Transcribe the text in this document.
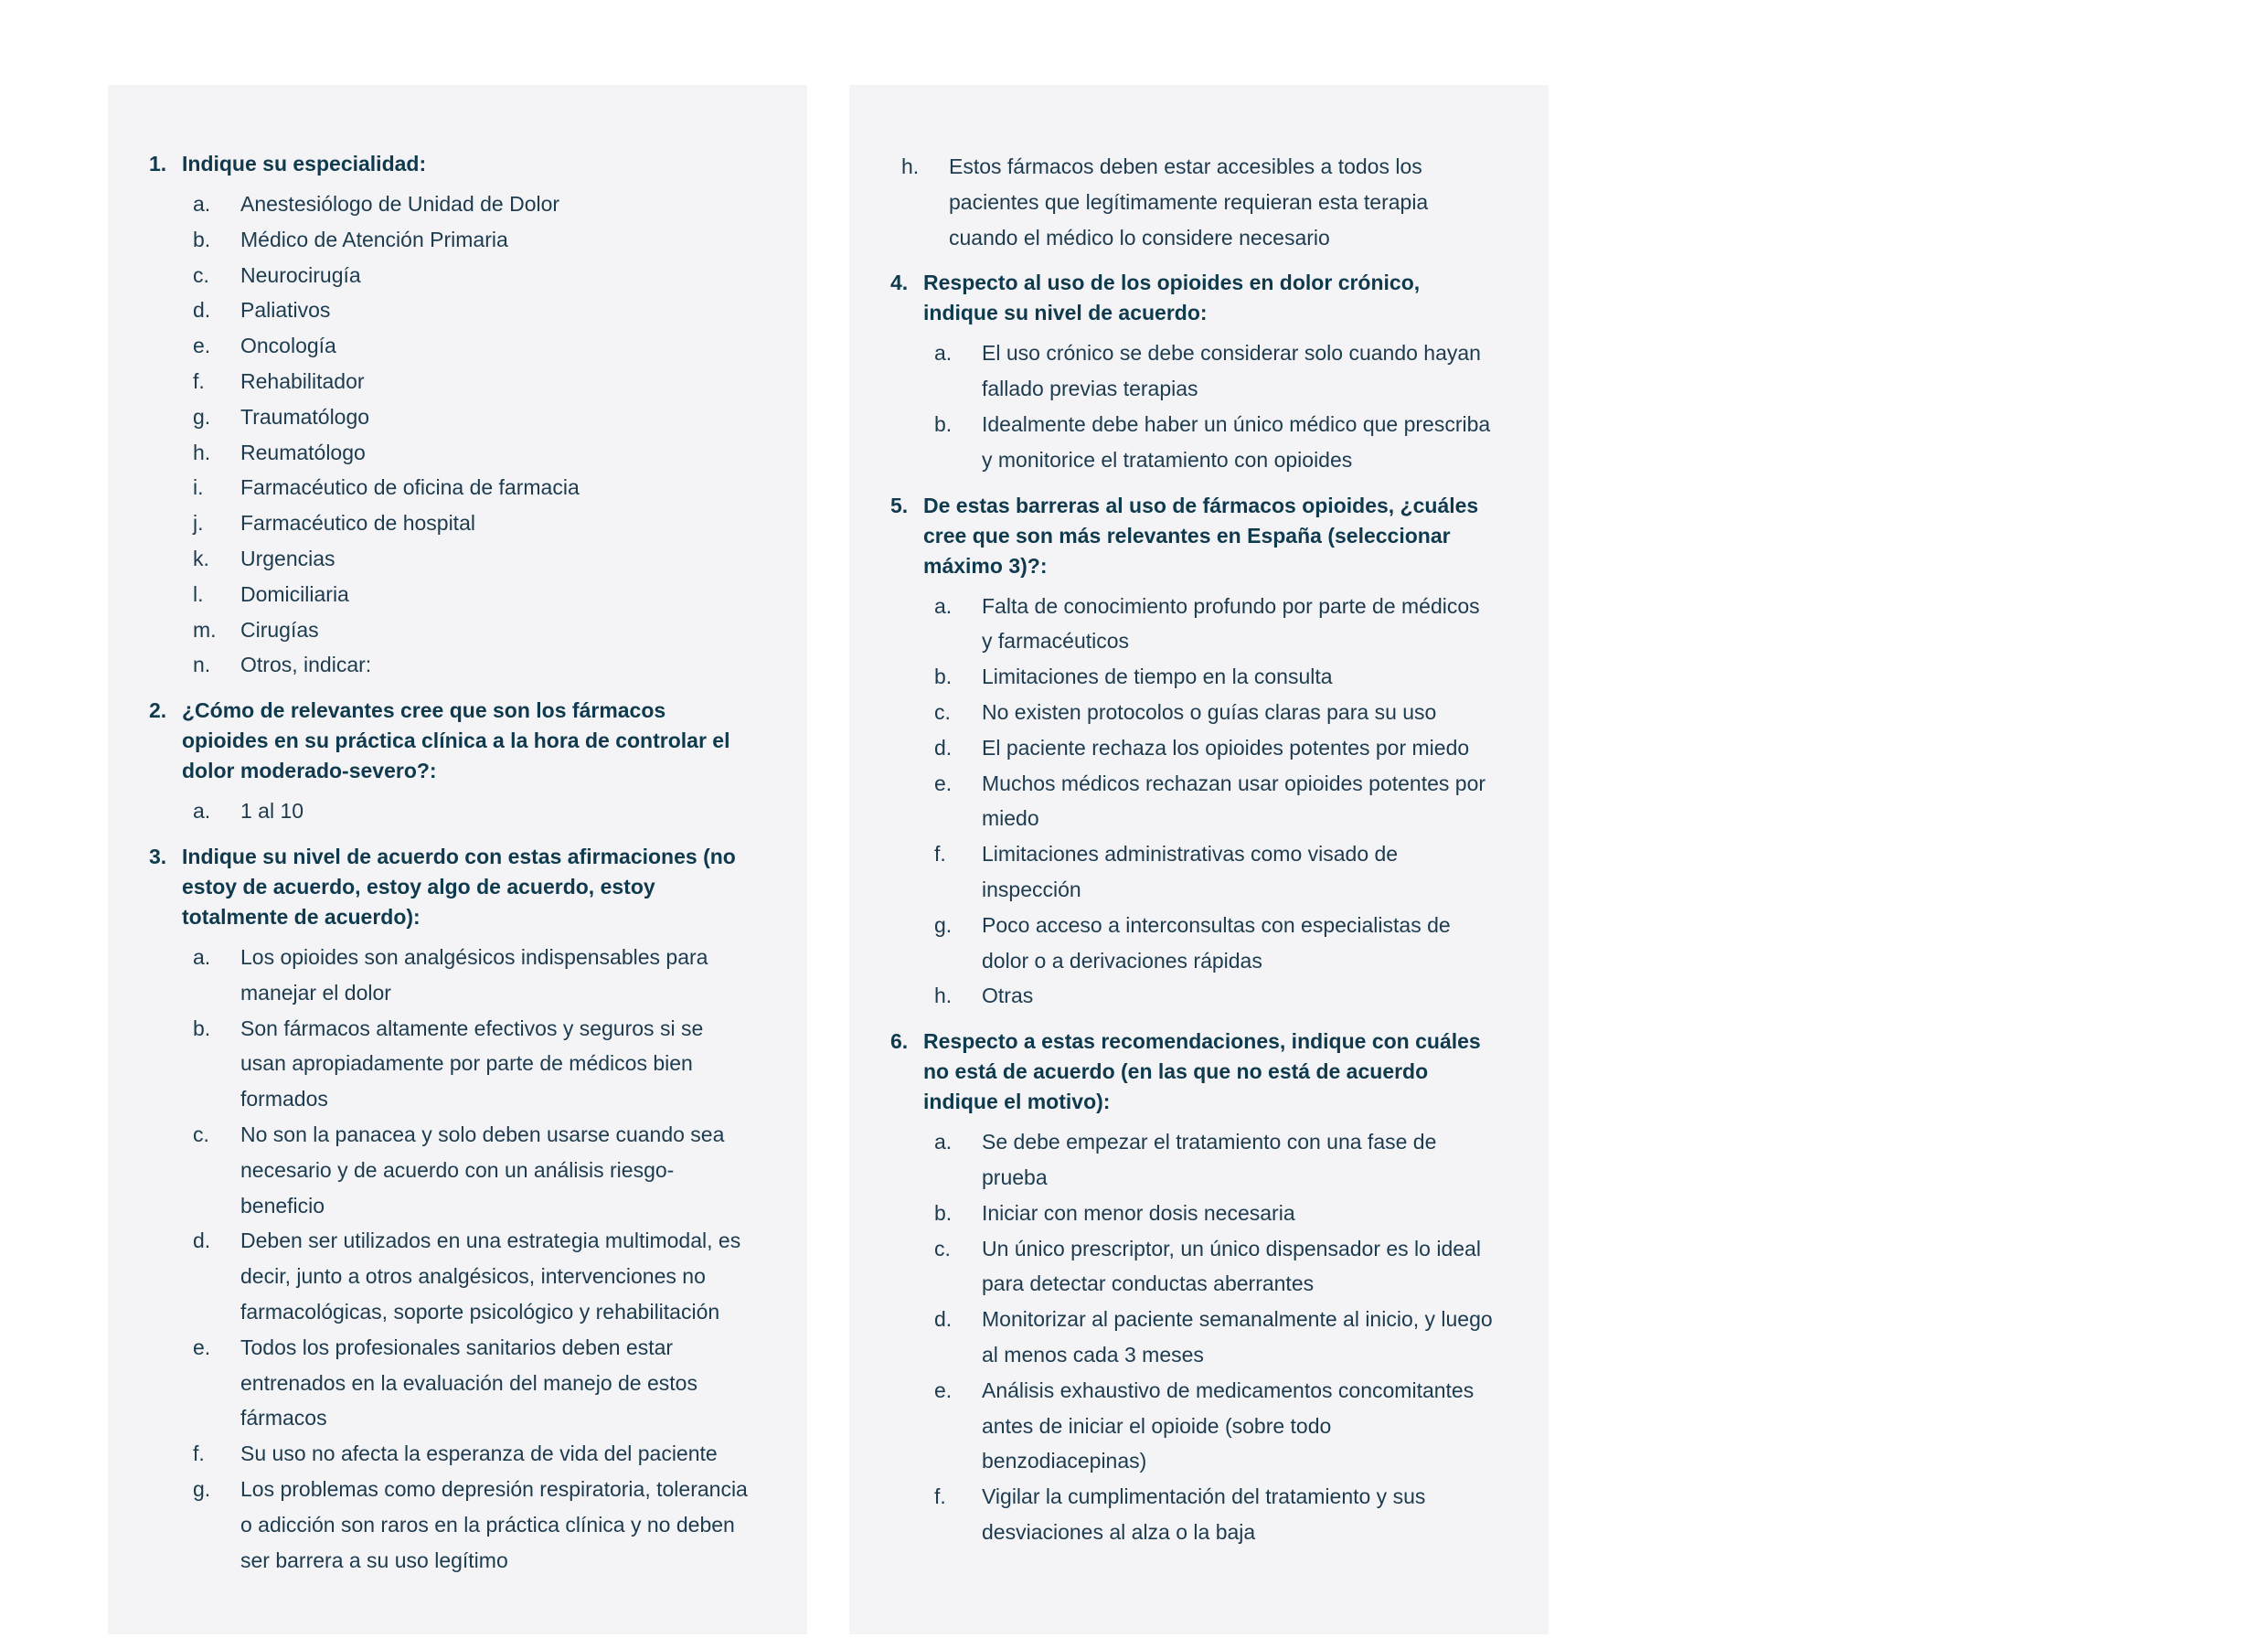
1. Indique su especialidad:
a.	Anestesiólogo de Unidad de Dolor
b.	Médico de Atención Primaria
c.	Neurocirugía
d.	Paliativos
e.	Oncología
f.	Rehabilitador
g.	Traumatólogo
h.	Reumatólogo
i.	Farmacéutico de oficina de farmacia
j.	Farmacéutico de hospital
k.	Urgencias
l.	Domiciliaria
m.	Cirugías
n.	Otros, indicar:
2. ¿Cómo de relevantes cree que son los fármacos opioides en su práctica clínica a la hora de controlar el dolor moderado-severo?:
a.	1 al 10
3. Indique su nivel de acuerdo con estas afirmaciones (no estoy de acuerdo, estoy algo de acuerdo, estoy totalmente de acuerdo):
a.	Los opioides son analgésicos indispensables para manejar el dolor
b.	Son fármacos altamente efectivos y seguros si se usan apropiadamente por parte de médicos bien formados
c.	No son la panacea y solo deben usarse cuando sea necesario y de acuerdo con un análisis riesgo-beneficio
d.	Deben ser utilizados en una estrategia multimodal, es decir, junto a otros analgésicos, intervenciones no farmacológicas, soporte psicológico y rehabilitación
e.	Todos los profesionales sanitarios deben estar entrenados en la evaluación del manejo de estos fármacos
f.	Su uso no afecta la esperanza de vida del paciente
g.	Los problemas como depresión respiratoria, tolerancia o adicción son raros en la práctica clínica y no deben ser barrera a su uso legítimo
h.	Estos fármacos deben estar accesibles a todos los pacientes que legítimamente requieran esta terapia cuando el médico lo considere necesario
4. Respecto al uso de los opioides en dolor crónico, indique su nivel de acuerdo:
a.	El uso crónico se debe considerar solo cuando hayan fallado previas terapias
b.	Idealmente debe haber un único médico que prescriba y monitorice el tratamiento con opioides
5. De estas barreras al uso de fármacos opioides, ¿cuáles cree que son más relevantes en España (seleccionar máximo 3)?:
a.	Falta de conocimiento profundo por parte de médicos y farmacéuticos
b.	Limitaciones de tiempo en la consulta
c.	No existen protocolos o guías claras para su uso
d.	El paciente rechaza los opioides potentes por miedo
e.	Muchos médicos rechazan usar opioides potentes por miedo
f.	Limitaciones administrativas como visado de inspección
g.	Poco acceso a interconsultas con especialistas de dolor o a derivaciones rápidas
h.	Otras
6. Respecto a estas recomendaciones, indique con cuáles no está de acuerdo (en las que no está de acuerdo indique el motivo):
a.	Se debe empezar el tratamiento con una fase de prueba
b.	Iniciar con menor dosis necesaria
c.	Un único prescriptor, un único dispensador es lo ideal para detectar conductas aberrantes
d.	Monitorizar al paciente semanalmente al inicio, y luego al menos cada 3 meses
e.	Análisis exhaustivo de medicamentos concomitantes antes de iniciar el opioide (sobre todo benzodiacepinas)
f.	Vigilar la cumplimentación del tratamiento y sus desviaciones al alza o la baja
